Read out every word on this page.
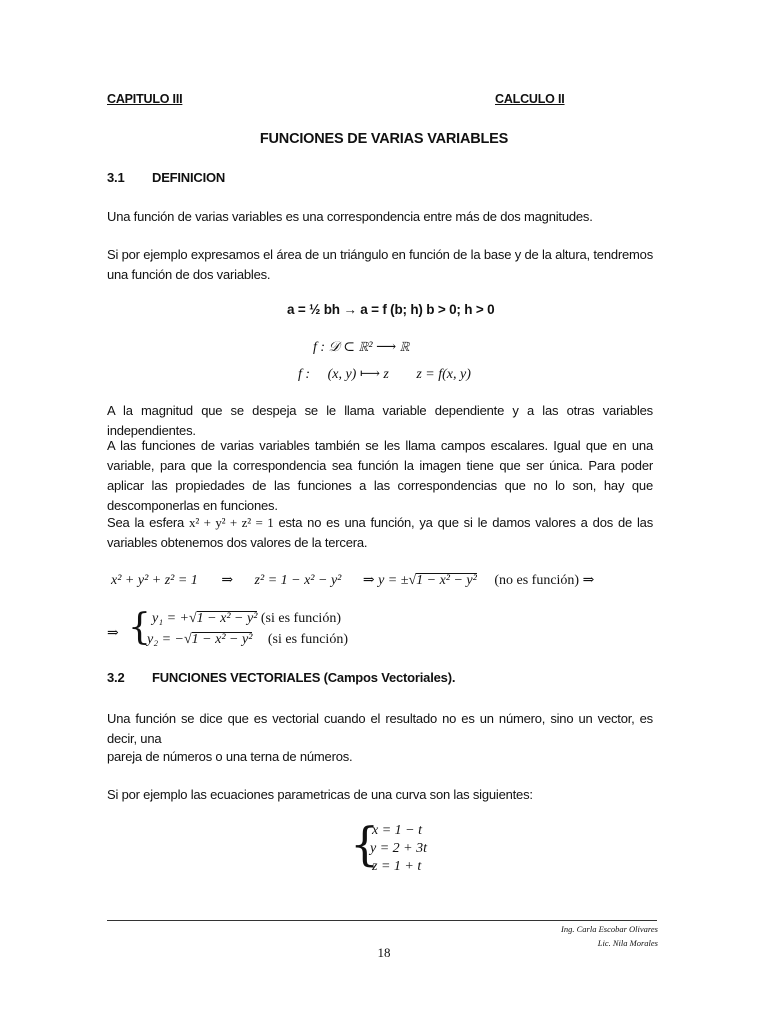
CAPITULO III	CALCULO II
FUNCIONES DE VARIAS VARIABLES
3.1 DEFINICION
Una función de varias variables es una correspondencia entre más de dos magnitudes.
Si por ejemplo expresamos el área de un triángulo en función de la base y de la altura, tendremos una función de dos variables.
a = ½ bh → a = f (b; h) b > 0; h > 0
f : 𝒟 ⊂ ℝ² ⟶ ℝ
f : (x, y) ⟼ z z = f(x, y)
A la magnitud que se despeja se le llama variable dependiente y a las otras variables independientes.
A las funciones de varias variables también se les llama campos escalares. Igual que en una variable, para que la correspondencia sea función la imagen tiene que ser única. Para poder aplicar las propiedades de las funciones a las correspondencias que no lo son, hay que descomponerlas en funciones.
Sea la esfera x² + y² + z² = 1 esta no es una función, ya que si le damos valores a dos de las variables obtenemos dos valores de la tercera.
x² + y² + z² = 1 ⇒ z² = 1 − x² − y² ⇒ y = ±√1 − x² − y² (no es función) ⇒
⇒ { y₁ = +√1 − x² − y² (si es función)
y₂ = −√1 − x² − y² (si es función)
3.2 FUNCIONES VECTORIALES (Campos Vectoriales).
Una función se dice que es vectorial cuando el resultado no es un número, sino un vector, es decir, una
pareja de números o una terna de números.
Si por ejemplo las ecuaciones parametricas de una curva son las siguientes:
{
x = 1 − t
y = 2 + 3t
z = 1 + t
Ing. Carla Escobar Olivares
Lic. Nila Morales
18
